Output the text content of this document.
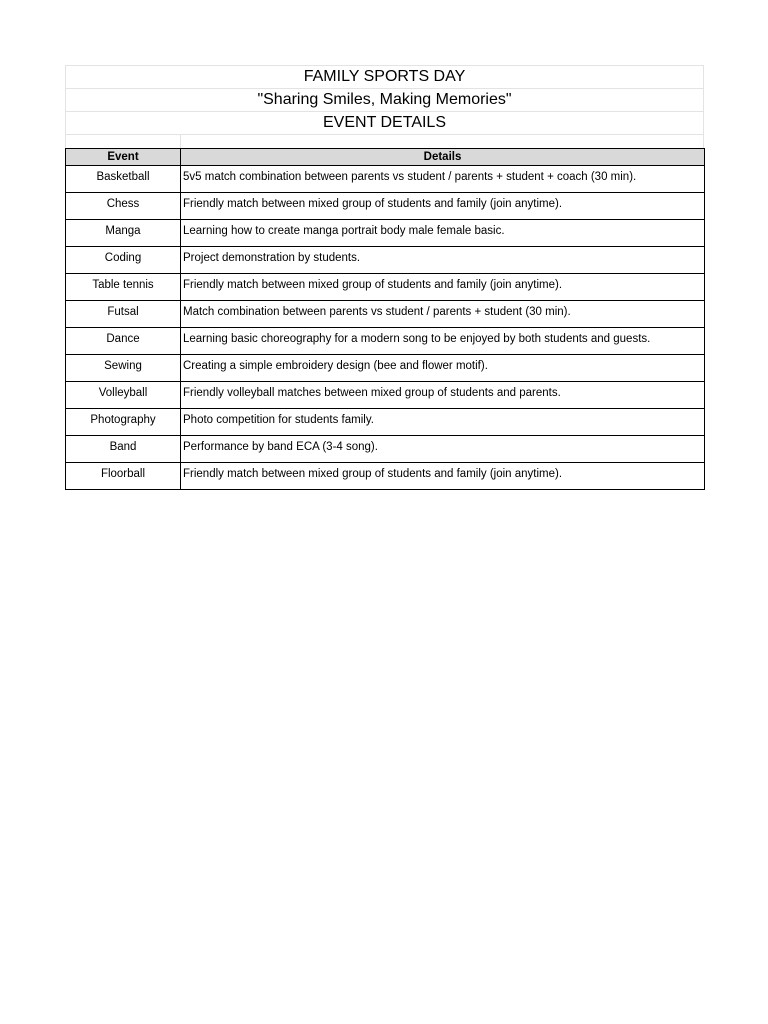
FAMILY SPORTS DAY
"Sharing Smiles, Making Memories"
EVENT DETAILS
Event	Details
Basketball	5v5 match combination between parents vs student / parents + student + coach (30 min).
Chess	Friendly match between mixed group of students and family (join anytime).
Manga	Learning how to create manga portrait body male female basic.
Coding	Project demonstration by students.
Table tennis	Friendly match between mixed group of students and family (join anytime).
Futsal	Match combination between parents vs student / parents + student (30 min).
Dance	Learning basic choreography for a modern song to be enjoyed by both students and guests.
Sewing	Creating a simple embroidery design (bee and flower motif).
Volleyball	Friendly volleyball matches between mixed group of students and parents.
Photography	Photo competition for students family.
Band	Performance by band ECA (3-4 song).
Floorball	Friendly match between mixed group of students and family (join anytime).
